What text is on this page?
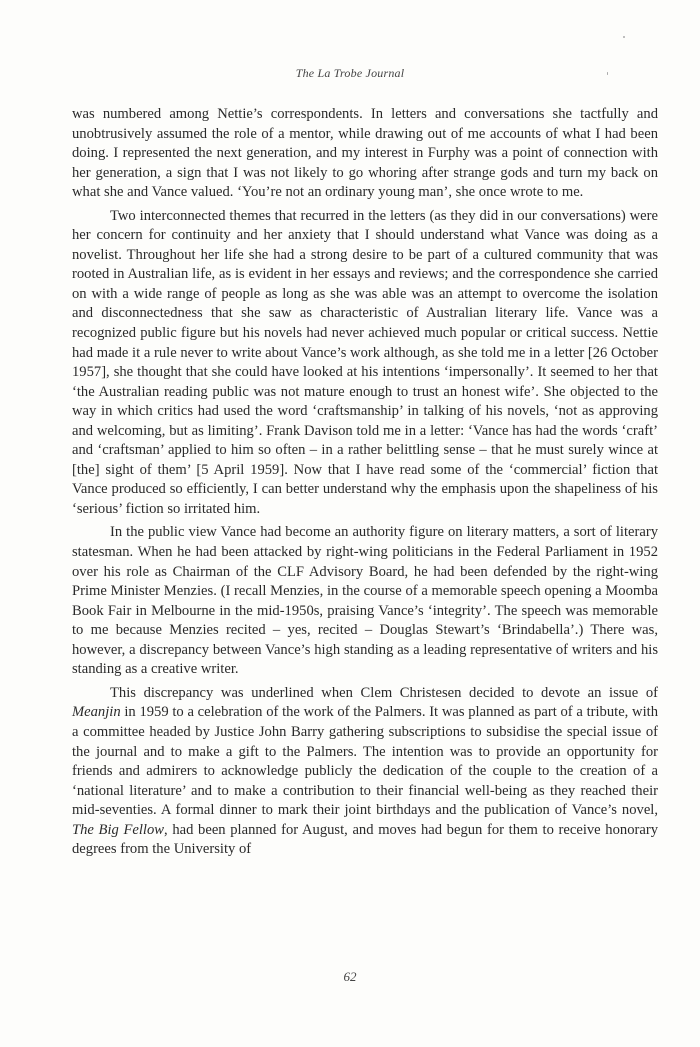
The La Trobe Journal

was numbered among Nettie’s correspondents. In letters and conversations she tactfully and unobtrusively assumed the role of a mentor, while drawing out of me accounts of what I had been doing. I represented the next generation, and my interest in Furphy was a point of connection with her generation, a sign that I was not likely to go whoring after strange gods and turn my back on what she and Vance valued. ‘You’re not an ordinary young man’, she once wrote to me.

Two interconnected themes that recurred in the letters (as they did in our conversations) were her concern for continuity and her anxiety that I should understand what Vance was doing as a novelist. Throughout her life she had a strong desire to be part of a cultured community that was rooted in Australian life, as is evident in her essays and reviews; and the correspondence she carried on with a wide range of people as long as she was able was an attempt to overcome the isolation and disconnectedness that she saw as characteristic of Australian literary life. Vance was a recognized public figure but his novels had never achieved much popular or critical success. Nettie had made it a rule never to write about Vance’s work although, as she told me in a letter [26 October 1957], she thought that she could have looked at his intentions ‘impersonally’. It seemed to her that ‘the Australian reading public was not mature enough to trust an honest wife’. She objected to the way in which critics had used the word ‘craftsmanship’ in talking of his novels, ‘not as approving and welcoming, but as limiting’. Frank Davison told me in a letter: ‘Vance has had the words ‘craft’ and ‘craftsman’ applied to him so often – in a rather belittling sense – that he must surely wince at [the] sight of them’ [5 April 1959]. Now that I have read some of the ‘commercial’ fiction that Vance produced so efficiently, I can better understand why the emphasis upon the shapeliness of his ‘serious’ fiction so irritated him.

In the public view Vance had become an authority figure on literary matters, a sort of literary statesman. When he had been attacked by right-wing politicians in the Federal Parliament in 1952 over his role as Chairman of the CLF Advisory Board, he had been defended by the right-wing Prime Minister Menzies. (I recall Menzies, in the course of a memorable speech opening a Moomba Book Fair in Melbourne in the mid-1950s, praising Vance’s ‘integrity’. The speech was memorable to me because Menzies recited – yes, recited – Douglas Stewart’s ‘Brindabella’.) There was, however, a discrepancy between Vance’s high standing as a leading representative of writers and his standing as a creative writer.

This discrepancy was underlined when Clem Christesen decided to devote an issue of Meanjin in 1959 to a celebration of the work of the Palmers. It was planned as part of a tribute, with a committee headed by Justice John Barry gathering subscriptions to subsidise the special issue of the journal and to make a gift to the Palmers. The intention was to provide an opportunity for friends and admirers to acknowledge publicly the dedication of the couple to the creation of a ‘national literature’ and to make a contribution to their financial well-being as they reached their mid-seventies. A formal dinner to mark their joint birthdays and the publication of Vance’s novel, The Big Fellow, had been planned for August, and moves had begun for them to receive honorary degrees from the University of

62
